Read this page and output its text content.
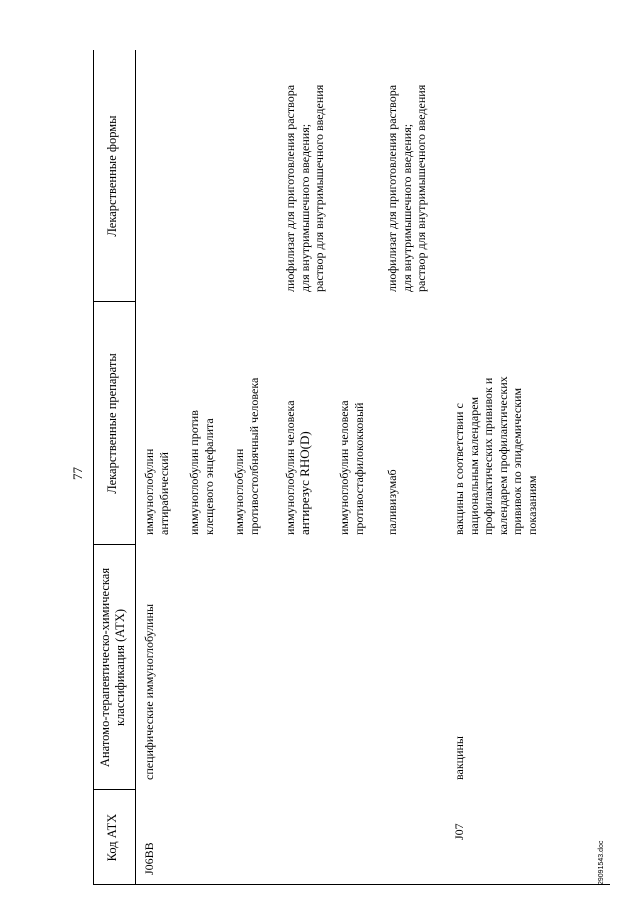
77
Код АТХ
Анатомо-терапевтическо-химическая классификация (АТХ)
Лекарственные препараты
Лекарственные формы
J06BB
специфические иммуноглобулины
иммуноглобулин антирабический иммуноглобулин против клещевого энцефалита иммуноглобулин противостолбнячный человека иммуноглобулин человека антирезус RHO(D)
лиофилизат для приготовления раствора для внутримышечного введения; раствор для внутримышечного введения
иммуноглобулин человека противостафилококковый паливизумаб
лиофилизат для приготовления раствора для внутримышечного введения; раствор для внутримышечного введения
J07
вакцины
вакцины в соответствии с национальным календарем профилактических прививок и календарем профилактических прививок по эпидемическим показаниям
29091543.doc
